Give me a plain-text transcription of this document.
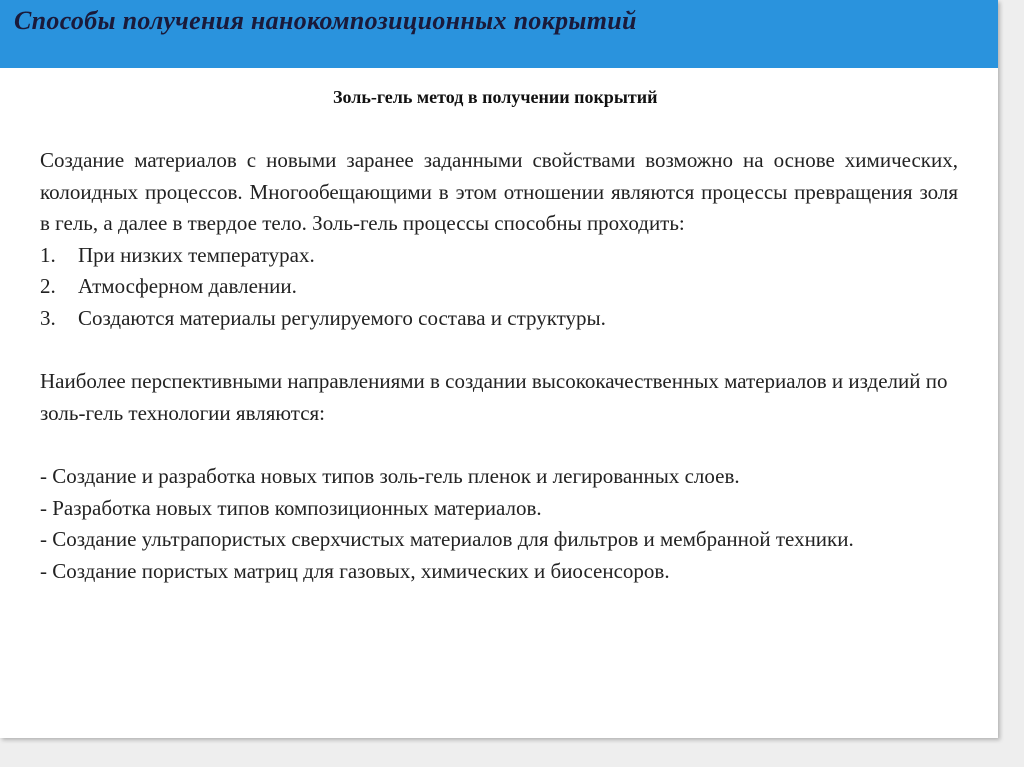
Способы получения нанокомпозиционных покрытий
Золь-гель метод в получении покрытий

Создание материалов с новыми заранее заданными свойствами возможно на основе химических, колоидных процессов. Многообещающими в этом отношении являются процессы превращения золя в гель, а далее в твердое тело. Золь-гель процессы способны проходить:

1. При низких температурах.
2. Атмосферном давлении.
3. Создаются материалы регулируемого состава и структуры.

Наиболее перспективными направлениями в создании высококачественных материалов и изделий по золь-гель технологии являются:

- Создание и разработка новых типов золь-гель пленок и легированных слоев.

- Разработка новых типов композиционных материалов.

- Создание ультрапористых сверхчистых материалов для фильтров и мембранной техники.

- Создание пористых матриц для газовых, химических и биосенсоров.
